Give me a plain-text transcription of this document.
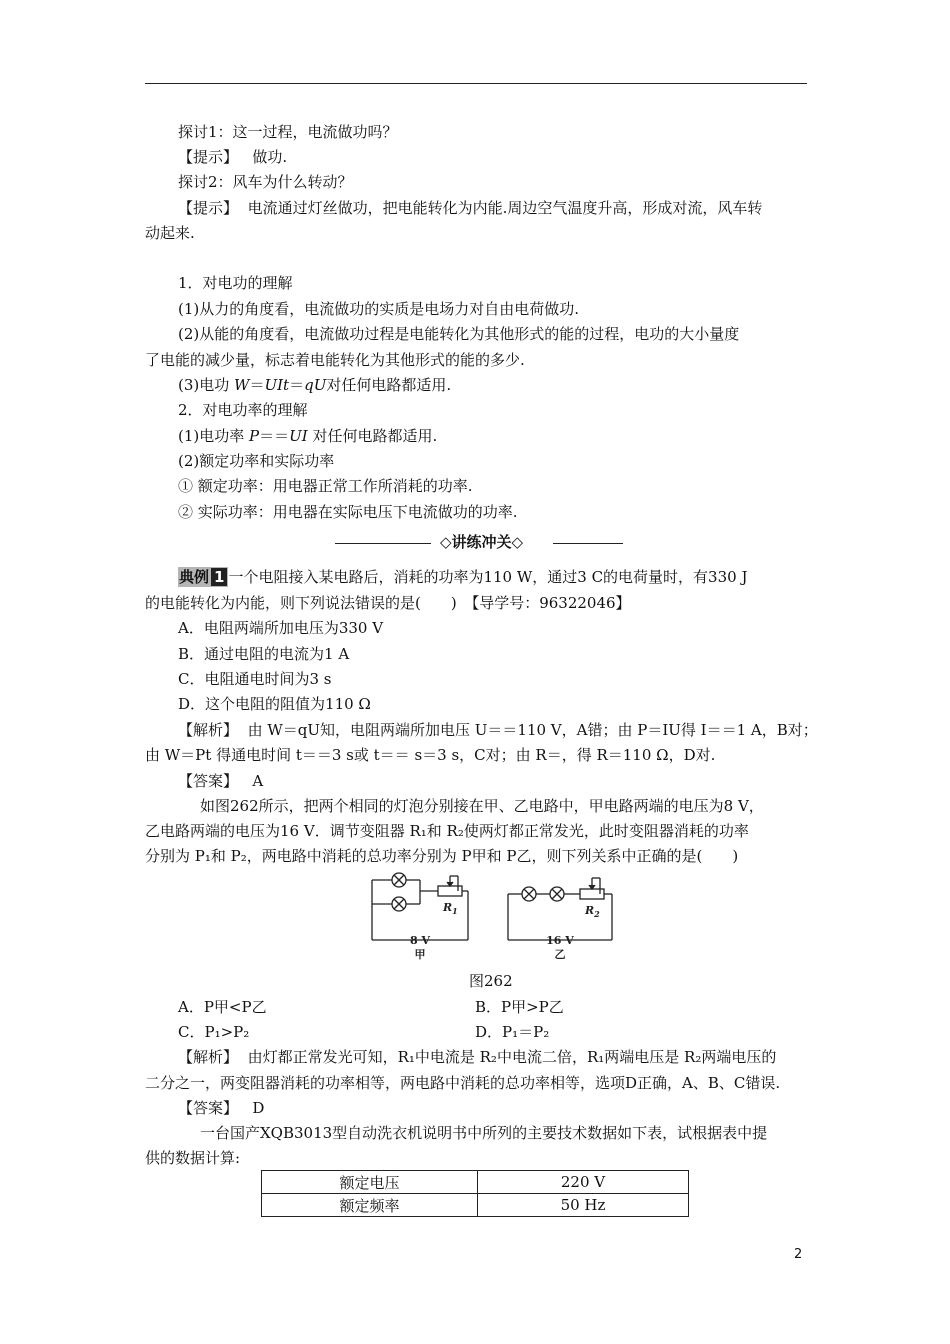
探讨1：这一过程，电流做功吗？
【提示】 做功.
探讨2：风车为什么转动？
【提示】 电流通过灯丝做功，把电能转化为内能.周边空气温度升高，形成对流，风车转
动起来.
1．对电功的理解
(1)从力的角度看，电流做功的实质是电场力对自由电荷做功.
(2)从能的角度看，电流做功过程是电能转化为其他形式的能的过程，电功的大小量度
了电能的减少量，标志着电能转化为其他形式的能的多少.
(3)电功 W＝UIt＝qU对任何电路都适用.
2．对电功率的理解
(1)电功率 P＝＝UI 对任何电路都适用.
(2)额定功率和实际功率
① 额定功率：用电器正常工作所消耗的功率.
② 实际功率：用电器在实际电压下电流做功的功率.
◇讲练冲关◇
典例 1 一个电阻接入某电路后，消耗的功率为110 W，通过3 C的电荷量时，有330 J
的电能转化为内能，则下列说法错误的是(　　)　【导学号：96322046】
A．电阻两端所加电压为330 V
B．通过电阻的电流为1 A
C．电阻通电时间为3 s
D．这个电阻的阻值为110 Ω
【解析】 由 W＝qU知，电阻两端所加电压 U＝＝110 V，A错；由 P＝IU得 I＝＝1 A，B对；
由 W＝Pt 得通电时间 t＝＝3 s或 t＝＝ s＝3 s，C对；由 R＝，得 R＝110 Ω，D对.
【答案】 A
如图262所示，把两个相同的灯泡分别接在甲、乙电路中，甲电路两端的电压为8 V，
乙电路两端的电压为16 V．调节变阻器 R₁和 R₂使两灯都正常发光，此时变阻器消耗的功率
分别为 P₁和 P₂，两电路中消耗的总功率分别为 P甲和 P乙，则下列关系中正确的是(　　)
$R_1$
8 V
甲
$R_2$
16 V
乙
图262
A．P甲<P乙	B．P甲>P乙
C．P₁>P₂	D．P₁＝P₂
【解析】 由灯都正常发光可知，R₁中电流是 R₂中电流二倍，R₁两端电压是 R₂两端电压的
二分之一，两变阻器消耗的功率相等，两电路中消耗的总功率相等，选项D正确，A、B、C错误.
【答案】 D
一台国产XQB3013型自动洗衣机说明书中所列的主要技术数据如下表，试根据表中提
供的数据计算:
额定电压	220 V
额定频率	50 Hz
2
